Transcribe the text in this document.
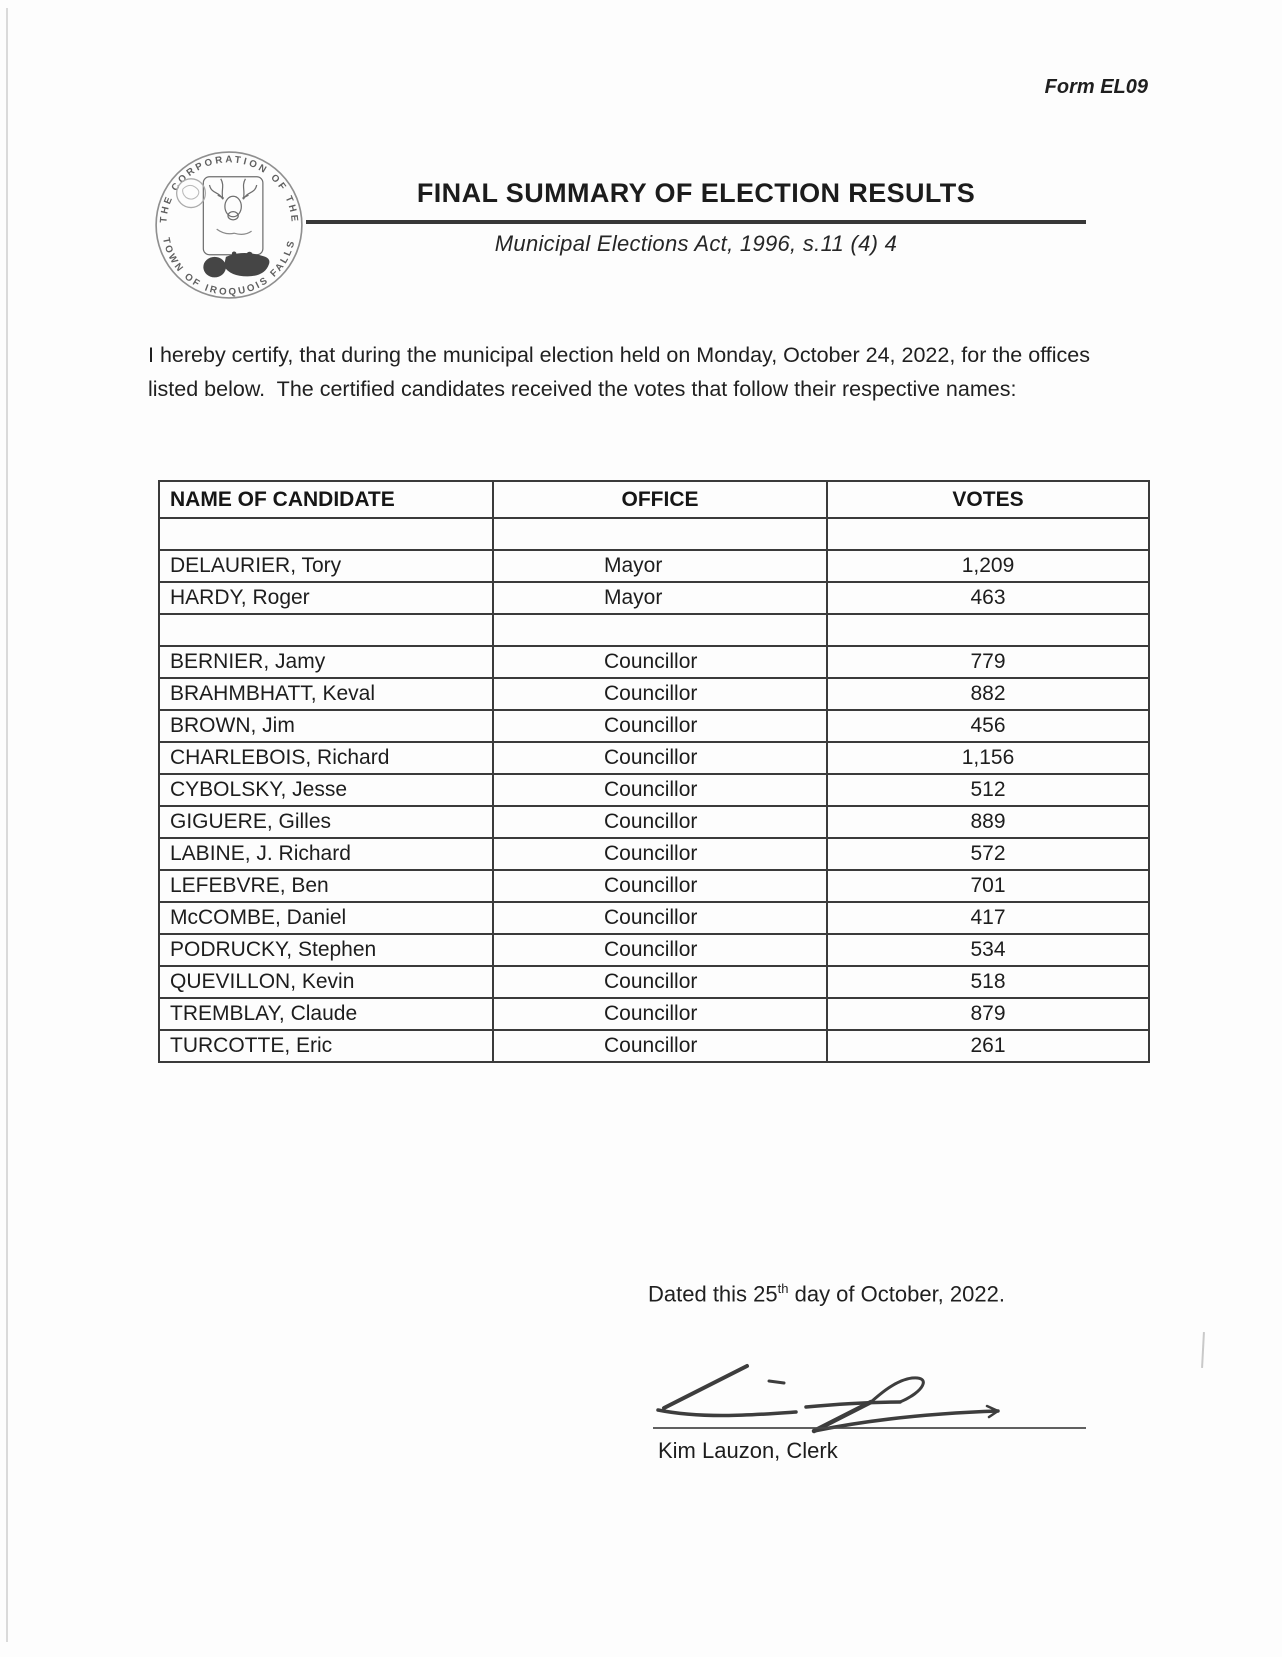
Form EL09
THE CORPORATION OF THE
TOWN OF IROQUOIS FALLS
FINAL SUMMARY OF ELECTION RESULTS
Municipal Elections Act, 1996, s.11 (4) 4

I hereby certify, that during the municipal election held on Monday, October 24, 2022, for the offices listed below.  The certified candidates received the votes that follow their respective names:

NAME OF CANDIDATE	OFFICE	VOTES

DELAURIER, Tory	Mayor	1,209
HARDY, Roger	Mayor	463

BERNIER, Jamy	Councillor	779
BRAHMBHATT, Keval	Councillor	882
BROWN, Jim	Councillor	456
CHARLEBOIS, Richard	Councillor	1,156
CYBOLSKY, Jesse	Councillor	512
GIGUERE, Gilles	Councillor	889
LABINE, J. Richard	Councillor	572
LEFEBVRE, Ben	Councillor	701
McCOMBE, Daniel	Councillor	417
PODRUCKY, Stephen	Councillor	534
QUEVILLON, Kevin	Councillor	518
TREMBLAY, Claude	Councillor	879
TURCOTTE, Eric	Councillor	261
Dated this 25th day of October, 2022.
Kim Lauzon, Clerk
